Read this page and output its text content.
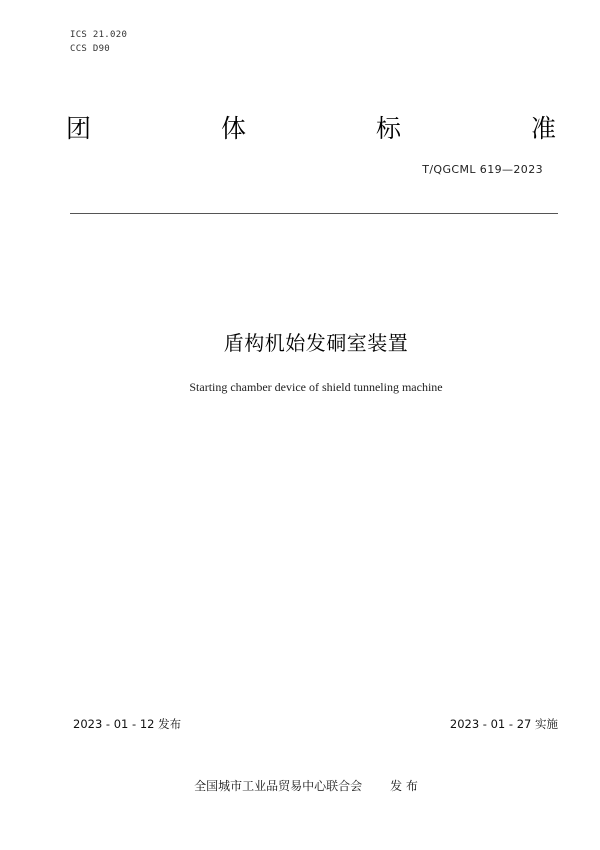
ICS 21.020
CCS D90
团	体	标	准
T/QGCML 619—2023
盾构机始发硐室装置
Starting chamber device of shield tunneling machine
2023 - 01 - 12 发布	2023 - 01 - 27 实施
全国城市工业品贸易中心联合会 发 布
